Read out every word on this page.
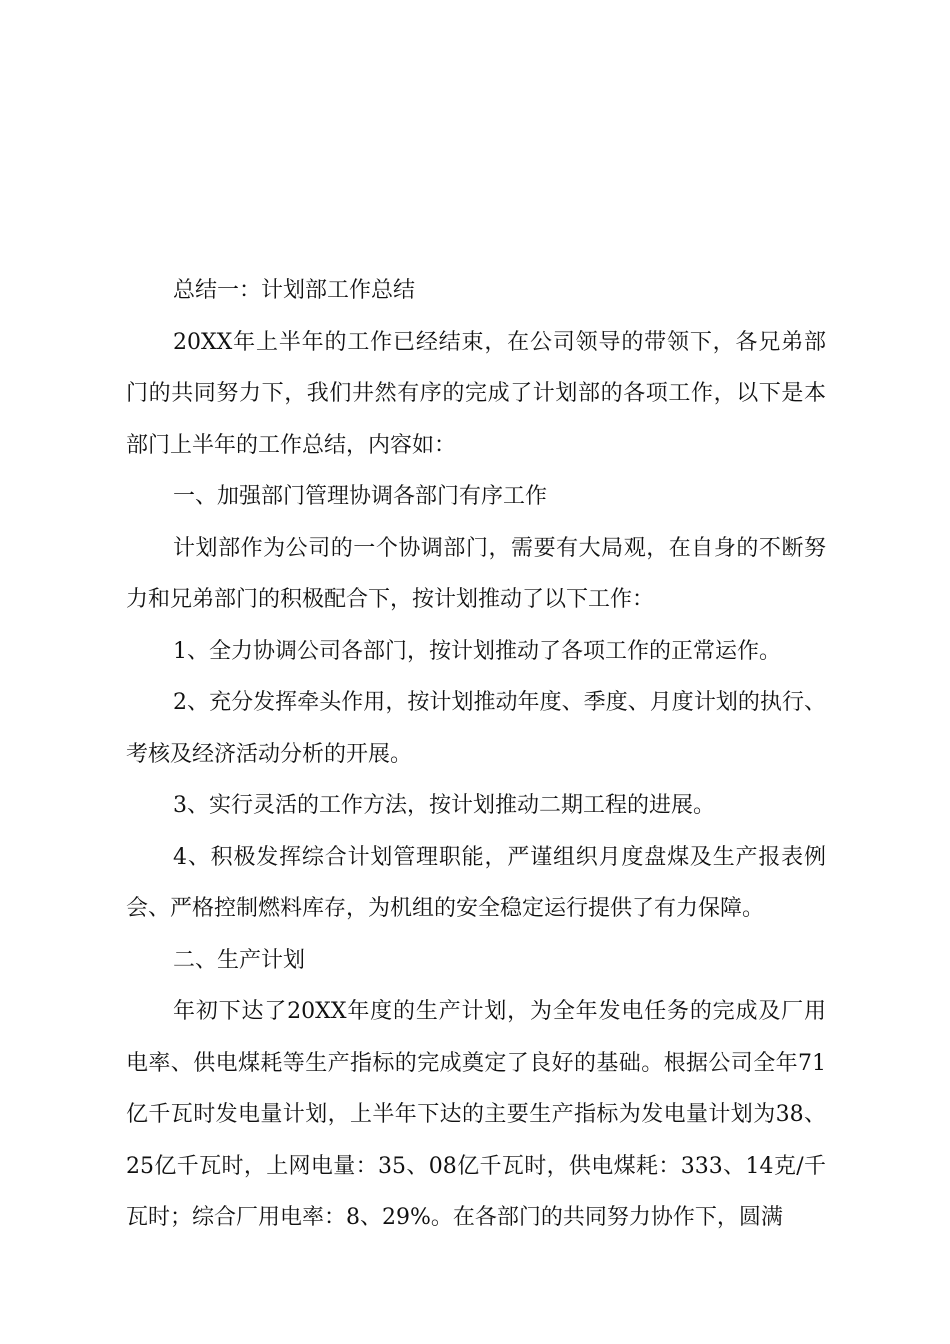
总结一：计划部工作总结

20XX年上半年的工作已经结束，在公司领导的带领下，各兄弟部门的共同努力下，我们井然有序的完成了计划部的各项工作，以下是本部门上半年的工作总结，内容如：

一、加强部门管理协调各部门有序工作

计划部作为公司的一个协调部门，需要有大局观，在自身的不断努力和兄弟部门的积极配合下，按计划推动了以下工作：

1、全力协调公司各部门，按计划推动了各项工作的正常运作。

2、充分发挥牵头作用，按计划推动年度、季度、月度计划的执行、考核及经济活动分析的开展。

3、实行灵活的工作方法，按计划推动二期工程的进展。

4、积极发挥综合计划管理职能，严谨组织月度盘煤及生产报表例会、严格控制燃料库存，为机组的安全稳定运行提供了有力保障。

二、生产计划

年初下达了20XX年度的生产计划，为全年发电任务的完成及厂用电率、供电煤耗等生产指标的完成奠定了良好的基础。根据公司全年71亿千瓦时发电量计划，上半年下达的主要生产指标为发电量计划为38、25亿千瓦时，上网电量：35、08亿千瓦时，供电煤耗：333、14克/千瓦时；综合厂用电率：8、29%。在各部门的共同努力协作下，圆满
